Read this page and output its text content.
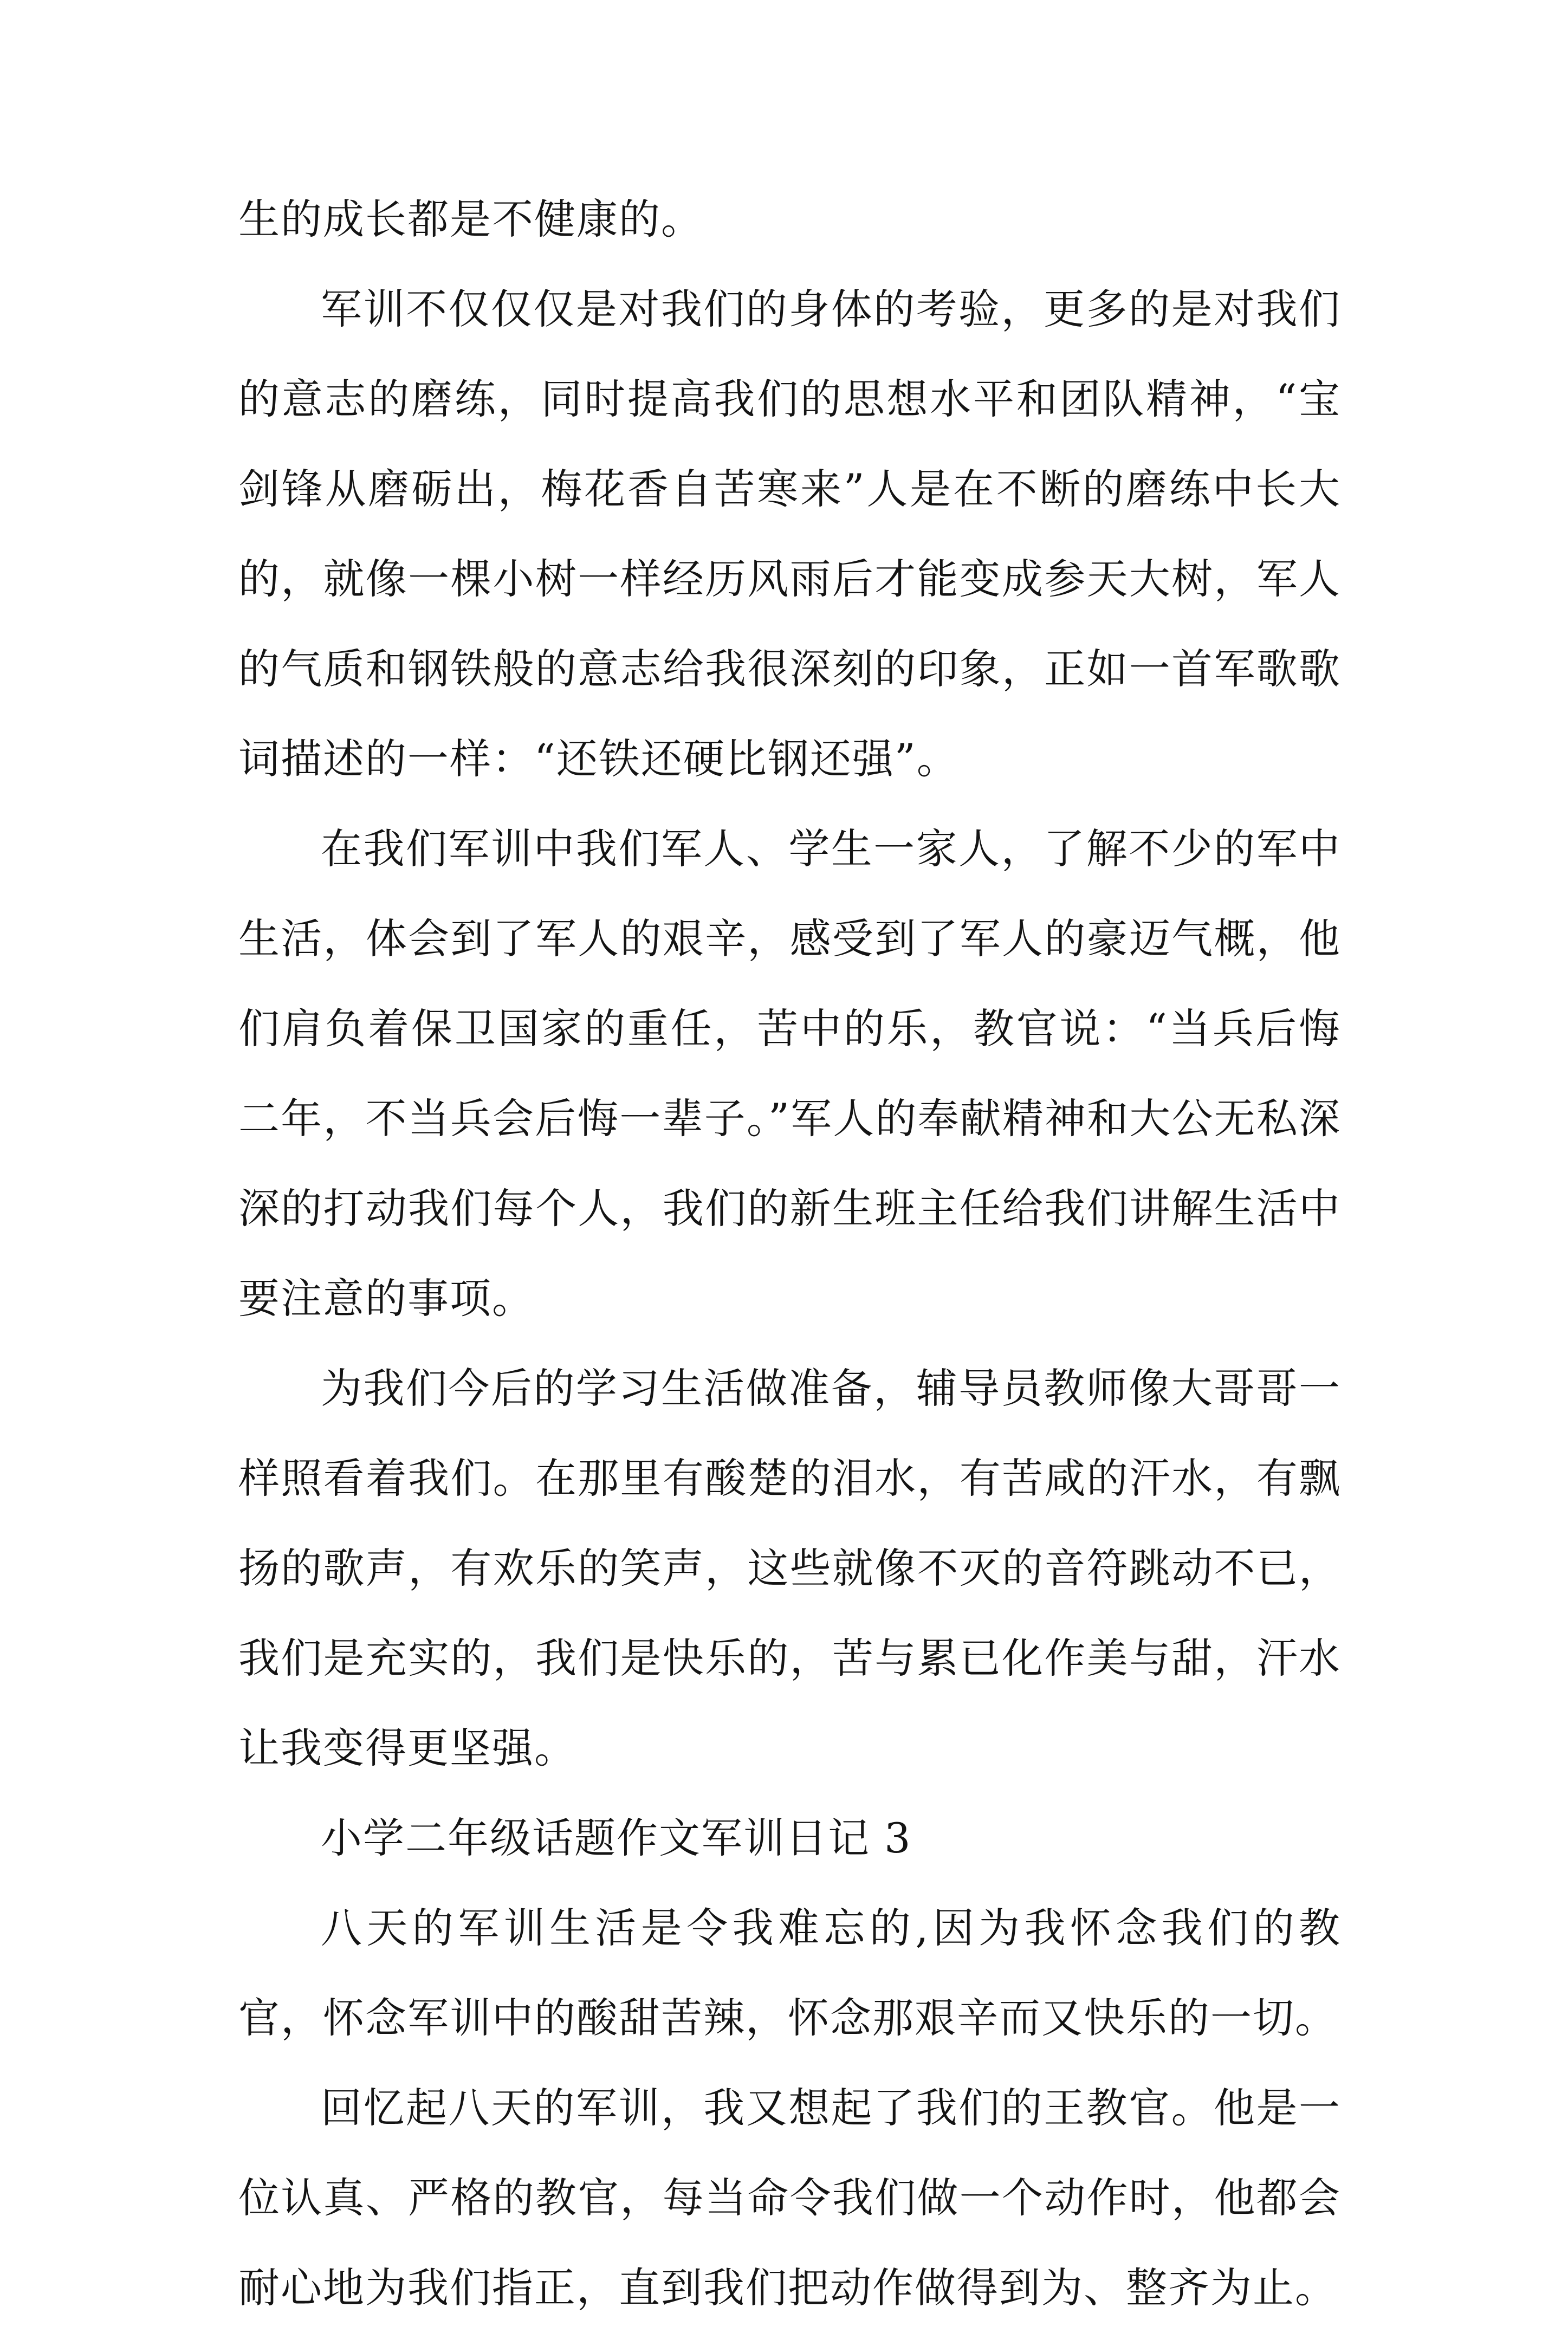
生的成长都是不健康的。

军训不仅仅仅是对我们的身体的考验，更多的是对我们的意志的磨练，同时提高我们的思想水平和团队精神，“宝剑锋从磨砺出，梅花香自苦寒来”人是在不断的磨练中长大的，就像一棵小树一样经历风雨后才能变成参天大树，军人的气质和钢铁般的意志给我很深刻的印象，正如一首军歌歌词描述的一样：“还铁还硬比钢还强”。

在我们军训中我们军人、学生一家人，了解不少的军中生活，体会到了军人的艰辛，感受到了军人的豪迈气概，他们肩负着保卫国家的重任，苦中的乐，教官说：“当兵后悔二年，不当兵会后悔一辈子。”军人的奉献精神和大公无私深深的打动我们每个人，我们的新生班主任给我们讲解生活中要注意的事项。

为我们今后的学习生活做准备，辅导员教师像大哥哥一样照看着我们。在那里有酸楚的泪水，有苦咸的汗水，有飘扬的歌声，有欢乐的笑声，这些就像不灭的音符跳动不已，我们是充实的，我们是快乐的，苦与累已化作美与甜，汗水让我变得更坚强。

小学二年级话题作文军训日记 3

八天的军训生活是令我难忘的,因为我怀念我们的教官，怀念军训中的酸甜苦辣，怀念那艰辛而又快乐的一切。

回忆起八天的军训，我又想起了我们的王教官。他是一位认真、严格的教官，每当命令我们做一个动作时，他都会耐心地为我们指正，直到我们把动作做得到为、整齐为止。
